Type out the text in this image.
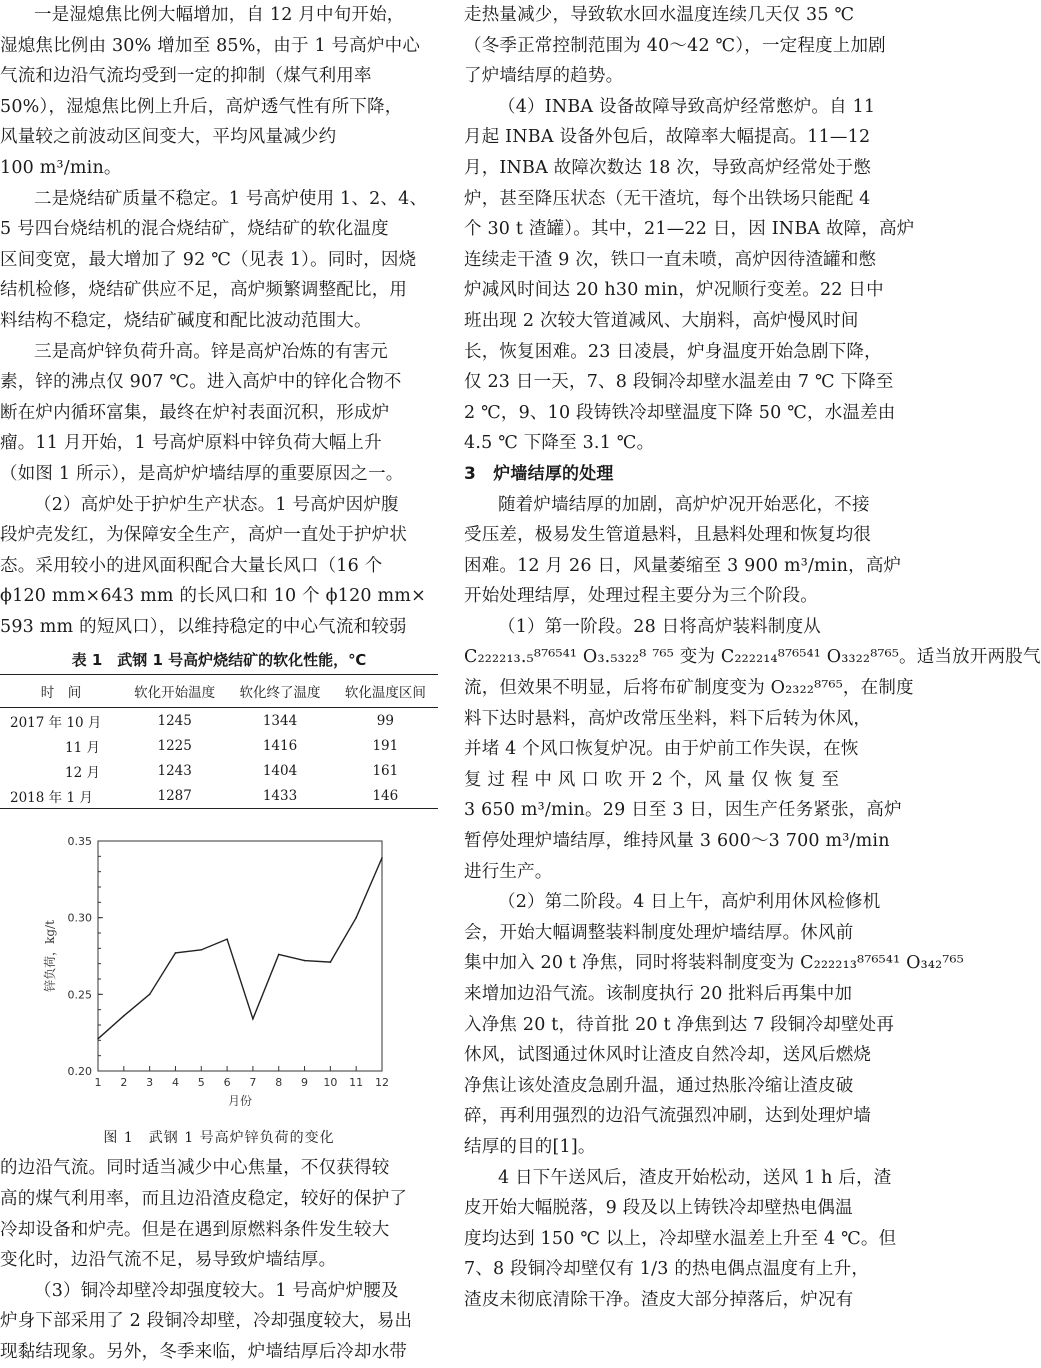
一是湿熄焦比例大幅增加，自 12 月中旬开始，
湿熄焦比例由 30% 增加至 85%，由于 1 号高炉中心
气流和边沿气流均受到一定的抑制（煤气利用率
50%），湿熄焦比例上升后，高炉透气性有所下降，
风量较之前波动区间变大，平均风量减少约
100 m³/min。
二是烧结矿质量不稳定。1 号高炉使用 1、2、4、
5 号四台烧结机的混合烧结矿，烧结矿的软化温度
区间变宽，最大增加了 92 ℃（见表 1）。同时，因烧
结机检修，烧结矿供应不足，高炉频繁调整配比，用
料结构不稳定，烧结矿碱度和配比波动范围大。
三是高炉锌负荷升高。锌是高炉冶炼的有害元
素，锌的沸点仅 907 ℃。进入高炉中的锌化合物不
断在炉内循环富集，最终在炉衬表面沉积，形成炉
瘤。11 月开始，1 号高炉原料中锌负荷大幅上升
（如图 1 所示），是高炉炉墙结厚的重要原因之一。
（2）高炉处于护炉生产状态。1 号高炉因炉腹
段炉壳发红，为保障安全生产，高炉一直处于护炉状
态。采用较小的进风面积配合大量长风口（16 个
ϕ120 mm×643 mm 的长风口和 10 个 ϕ120 mm×
593 mm 的短风口），以维持稳定的中心气流和较弱
表 1　武钢 1 号高炉烧结矿的软化性能，℃
时　间	软化开始温度	软化终了温度	软化温度区间
2017 年 10 月	1245	1344	99
11 月	1225	1416	191
12 月	1243	1404	161
2018 年 1 月	1287	1433	146
0.20
0.25
0.30
0.35
1 2 3 4 5 6 7 8 9 10 11 12
月份
锌负荷，kg/t
图 1　武钢 1 号高炉锌负荷的变化
的边沿气流。同时适当减少中心焦量，不仅获得较
高的煤气利用率，而且边沿渣皮稳定，较好的保护了
冷却设备和炉壳。但是在遇到原燃料条件发生较大
变化时，边沿气流不足，易导致炉墙结厚。
（3）铜冷却壁冷却强度较大。1 号高炉炉腰及
炉身下部采用了 2 段铜冷却壁，冷却强度较大，易出
现黏结现象。另外，冬季来临，炉墙结厚后冷却水带
走热量减少，导致软水回水温度连续几天仅 35 ℃
（冬季正常控制范围为 40～42 ℃），一定程度上加剧
了炉墙结厚的趋势。
（4）INBA 设备故障导致高炉经常憋炉。自 11
月起 INBA 设备外包后，故障率大幅提高。11—12
月，INBA 故障次数达 18 次，导致高炉经常处于憋
炉，甚至降压状态（无干渣坑，每个出铁场只能配 4
个 30 t 渣罐）。其中，21—22 日，因 INBA 故障，高炉
连续走干渣 9 次，铁口一直未喷，高炉因待渣罐和憋
炉减风时间达 20 h30 min，炉况顺行变差。22 日中
班出现 2 次较大管道减风、大崩料，高炉慢风时间
长，恢复困难。23 日凌晨，炉身温度开始急剧下降，
仅 23 日一天，7、8 段铜冷却壁水温差由 7 ℃ 下降至
2 ℃，9、10 段铸铁冷却壁温度下降 50 ℃，水温差由
4.5 ℃ 下降至 3.1 ℃。
3　炉墙结厚的处理
随着炉墙结厚的加剧，高炉炉况开始恶化，不接
受压差，极易发生管道悬料，且悬料处理和恢复均很
困难。12 月 26 日，风量萎缩至 3 900 m³/min，高炉
开始处理结厚，处理过程主要分为三个阶段。
（1）第一阶段。28 日将高炉装料制度从
C₂₂₂₂₁₃.₅⁸⁷⁶⁵⁴¹ O₃.₅₃₂₂⁸ ⁷⁶⁵ 变为 C₂₂₂₂₁₄⁸⁷⁶⁵⁴¹ O₃₃₂₂⁸⁷⁶⁵。适当放开两股气
流，但效果不明显，后将布矿制度变为 O₂₃₂₂⁸⁷⁶⁵，在制度
料下达时悬料，高炉改常压坐料，料下后转为休风，
并堵 4 个风口恢复炉况。由于炉前工作失误，在恢
复 过 程 中 风 口 吹 开 2 个，风 量 仅 恢 复 至
3 650 m³/min。29 日至 3 日，因生产任务紧张，高炉
暂停处理炉墙结厚，维持风量 3 600～3 700 m³/min
进行生产。
（2）第二阶段。4 日上午，高炉利用休风检修机
会，开始大幅调整装料制度处理炉墙结厚。休风前
集中加入 20 t 净焦，同时将装料制度变为 C₂₂₂₂₁₃⁸⁷⁶⁵⁴¹ O₃₄₂⁷⁶⁵
来增加边沿气流。该制度执行 20 批料后再集中加
入净焦 20 t，待首批 20 t 净焦到达 7 段铜冷却壁处再
休风，试图通过休风时让渣皮自然冷却，送风后燃烧
净焦让该处渣皮急剧升温，通过热胀冷缩让渣皮破
碎，再利用强烈的边沿气流强烈冲刷，达到处理炉墙
结厚的目的[1]。
4 日下午送风后，渣皮开始松动，送风 1 h 后，渣
皮开始大幅脱落，9 段及以上铸铁冷却壁热电偶温
度均达到 150 ℃ 以上，冷却壁水温差上升至 4 ℃。但
7、8 段铜冷却壁仅有 1/3 的热电偶点温度有上升，
渣皮未彻底清除干净。渣皮大部分掉落后，炉况有
